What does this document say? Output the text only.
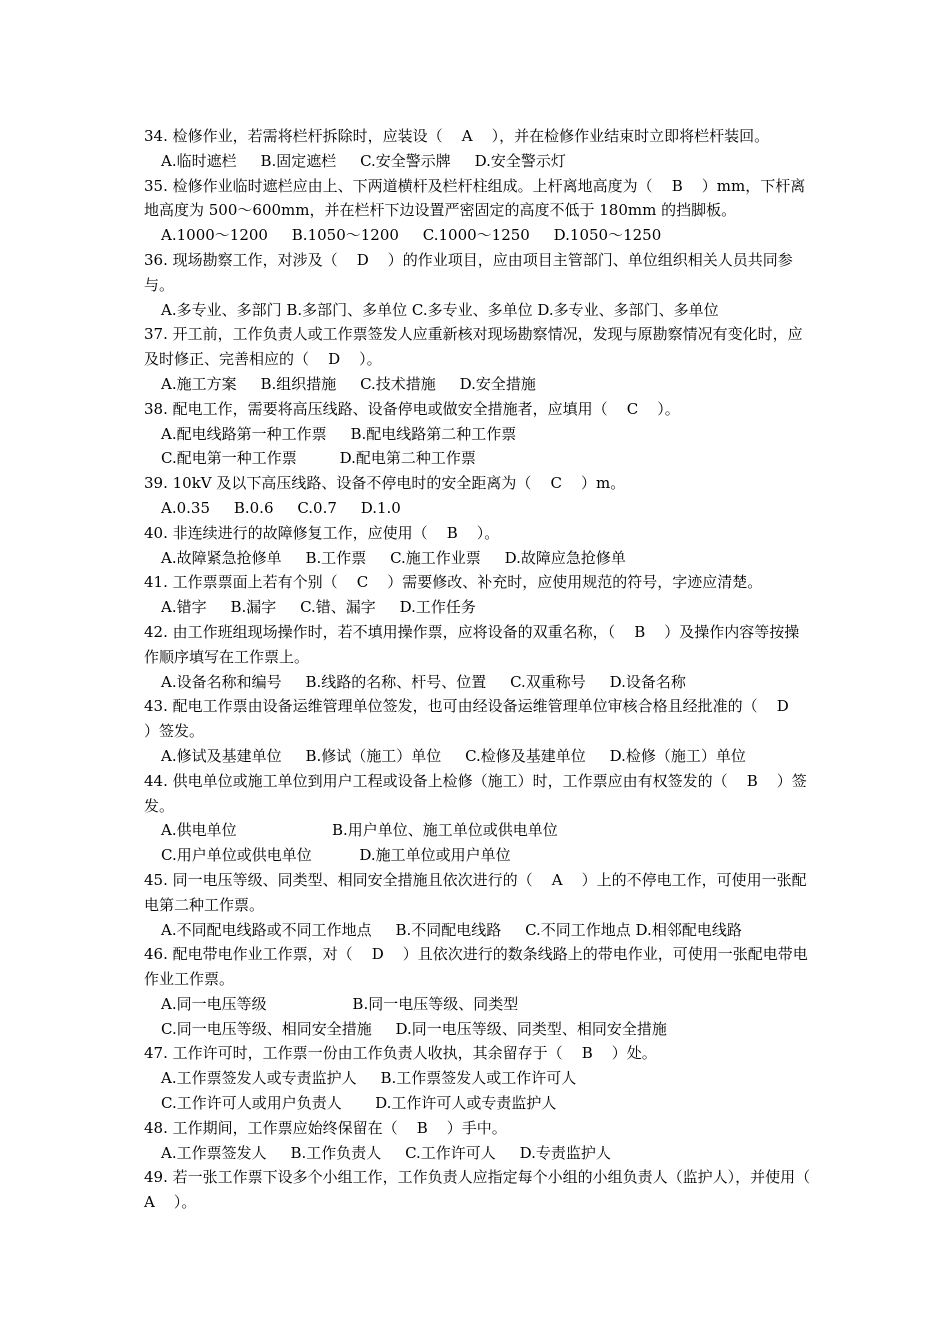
34. 检修作业，若需将栏杆拆除时，应装设（    A    ），并在检修作业结束时立即将栏杆装回。
A.临时遮栏     B.固定遮栏     C.安全警示牌     D.安全警示灯
35. 检修作业临时遮栏应由上、下两道横杆及栏杆柱组成。上杆离地高度为（    B    ）mm，下杆离地高度为 500～600mm，并在栏杆下边设置严密固定的高度不低于 180mm 的挡脚板。
A.1000～1200     B.1050～1200     C.1000～1250     D.1050～1250
36. 现场勘察工作，对涉及（    D    ）的作业项目，应由项目主管部门、单位组织相关人员共同参与。
A.多专业、多部门 B.多部门、多单位 C.多专业、多单位 D.多专业、多部门、多单位
37. 开工前，工作负责人或工作票签发人应重新核对现场勘察情况，发现与原勘察情况有变化时，应及时修正、完善相应的（    D    ）。
A.施工方案     B.组织措施     C.技术措施     D.安全措施
38. 配电工作，需要将高压线路、设备停电或做安全措施者，应填用（    C    ）。
A.配电线路第一种工作票     B.配电线路第二种工作票
C.配电第一种工作票         D.配电第二种工作票
39. 10kV 及以下高压线路、设备不停电时的安全距离为（    C    ）m。
A.0.35     B.0.6     C.0.7     D.1.0
40. 非连续进行的故障修复工作，应使用（    B    ）。
A.故障紧急抢修单     B.工作票     C.施工作业票     D.故障应急抢修单
41. 工作票票面上若有个别（    C    ）需要修改、补充时，应使用规范的符号，字迹应清楚。
A.错字     B.漏字     C.错、漏字     D.工作任务
42. 由工作班组现场操作时，若不填用操作票，应将设备的双重名称，（    B    ）及操作内容等按操作顺序填写在工作票上。
A.设备名称和编号     B.线路的名称、杆号、位置     C.双重称号     D.设备名称
43. 配电工作票由设备运维管理单位签发，也可由经设备运维管理单位审核合格且经批准的（    D    ）签发。
A.修试及基建单位     B.修试（施工）单位     C.检修及基建单位     D.检修（施工）单位
44. 供电单位或施工单位到用户工程或设备上检修（施工）时，工作票应由有权签发的（    B    ）签发。
A.供电单位                    B.用户单位、施工单位或供电单位
C.用户单位或供电单位          D.施工单位或用户单位
45. 同一电压等级、同类型、相同安全措施且依次进行的（    A    ）上的不停电工作，可使用一张配电第二种工作票。
A.不同配电线路或不同工作地点     B.不同配电线路     C.不同工作地点 D.相邻配电线路
46. 配电带电作业工作票，对（    D    ）且依次进行的数条线路上的带电作业，可使用一张配电带电作业工作票。
A.同一电压等级                  B.同一电压等级、同类型
C.同一电压等级、相同安全措施     D.同一电压等级、同类型、相同安全措施
47. 工作许可时，工作票一份由工作负责人收执，其余留存于（    B    ）处。
A.工作票签发人或专责监护人     B.工作票签发人或工作许可人
C.工作许可人或用户负责人       D.工作许可人或专责监护人
48. 工作期间，工作票应始终保留在（    B    ）手中。
A.工作票签发人     B.工作负责人     C.工作许可人     D.专责监护人
49. 若一张工作票下设多个小组工作，工作负责人应指定每个小组的小组负责人（监护人），并使用（    A    ）。
